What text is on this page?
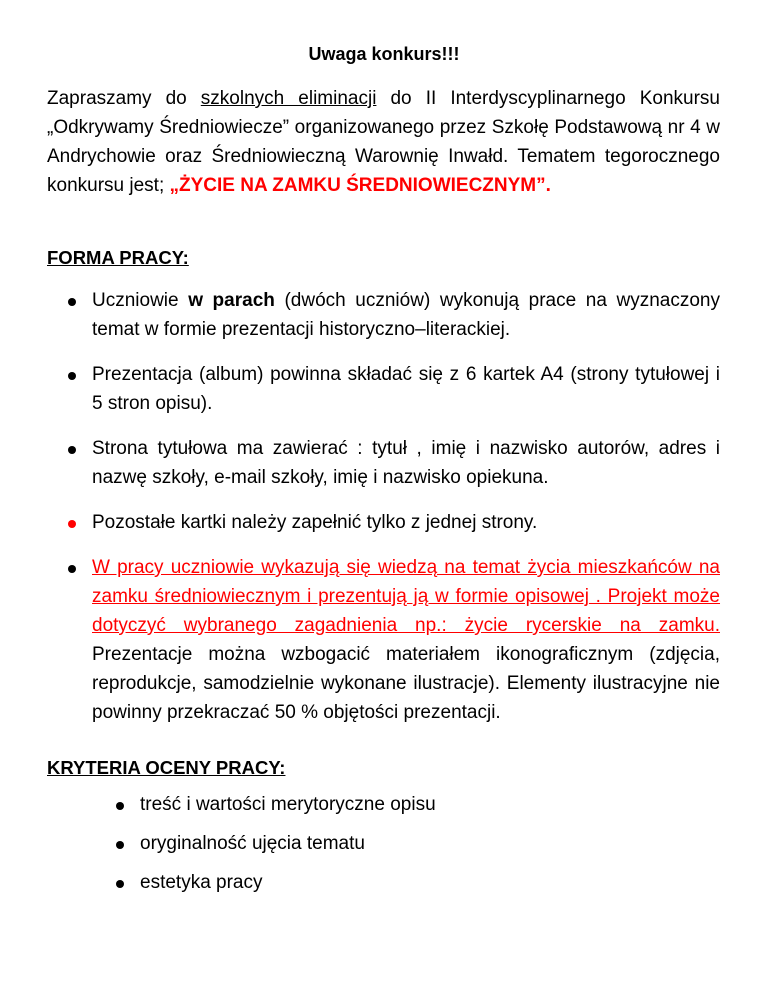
Uwaga konkurs!!!

Zapraszamy do szkolnych eliminacji do II Interdyscyplinarnego Konkursu „Odkrywamy Średniowiecze” organizowanego przez Szkołę Podstawową nr 4 w Andrychowie oraz Średniowieczną Warownię Inwałd. Tematem tegorocznego konkursu jest; „ŻYCIE NA ZAMKU ŚREDNIOWIECZNYM”.

FORMA PRACY:
Uczniowie w parach (dwóch uczniów) wykonują prace na wyznaczony temat w formie prezentacji historyczno–literackiej.
Prezentacja (album) powinna składać się z 6 kartek A4 (strony tytułowej i 5 stron opisu).
Strona tytułowa ma zawierać : tytuł , imię i nazwisko autorów, adres i nazwę szkoły, e-mail szkoły, imię i nazwisko opiekuna.
Pozostałe kartki należy zapełnić tylko z jednej strony.
W pracy uczniowie wykazują się wiedzą na temat życia mieszkańców na zamku średniowiecznym i prezentują ją w formie opisowej . Projekt może dotyczyć wybranego zagadnienia np.: życie rycerskie na zamku. Prezentacje można wzbogacić materiałem ikonograficznym (zdjęcia, reprodukcje, samodzielnie wykonane ilustracje). Elementy ilustracyjne nie powinny przekraczać 50 % objętości prezentacji.
KRYTERIA OCENY PRACY:
treść i wartości merytoryczne opisu
oryginalność ujęcia tematu
estetyka pracy
